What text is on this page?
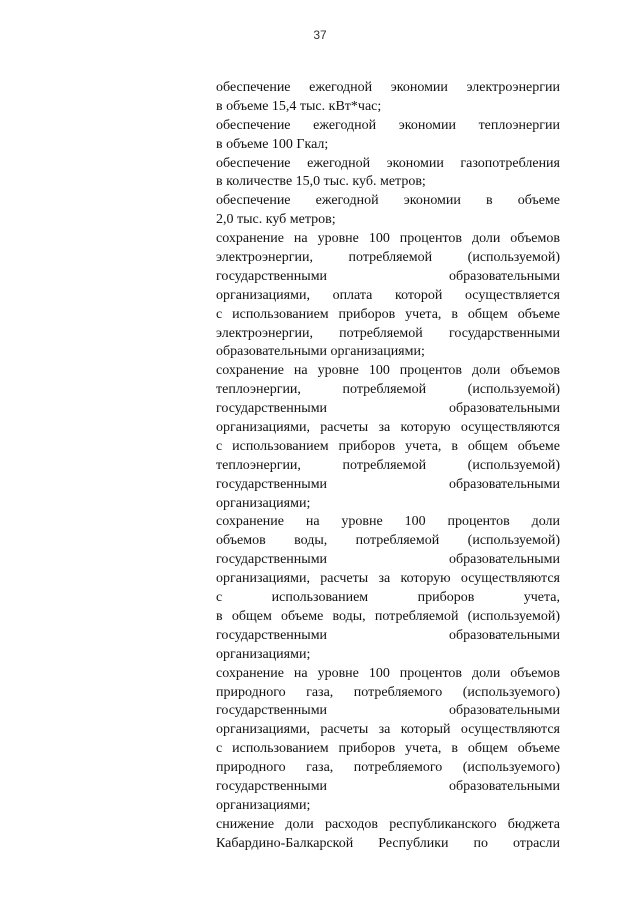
37
обеспечение ежегодной экономии электроэнергии
в объеме 15,4 тыс. кВт*час;
обеспечение ежегодной экономии теплоэнергии
в объеме 100 Гкал;
обеспечение ежегодной экономии газопотребления
в количестве 15,0 тыс. куб. метров;
обеспечение ежегодной экономии в объеме
2,0 тыс. куб метров;
сохранение на уровне 100 процентов доли объемов
электроэнергии, потребляемой (используемой)
государственными образовательными
организациями, оплата которой осуществляется
с использованием приборов учета, в общем объеме
электроэнергии, потребляемой государственными
образовательными организациями;
сохранение на уровне 100 процентов доли объемов
теплоэнергии, потребляемой (используемой)
государственными образовательными
организациями, расчеты за которую осуществляются
с использованием приборов учета, в общем объеме
теплоэнергии, потребляемой (используемой)
государственными образовательными
организациями;
сохранение на уровне 100 процентов доли
объемов воды, потребляемой (используемой)
государственными образовательными
организациями, расчеты за которую осуществляются
с использованием приборов учета,
в общем объеме воды, потребляемой (используемой)
государственными образовательными
организациями;
сохранение на уровне 100 процентов доли объемов
природного газа, потребляемого (используемого)
государственными образовательными
организациями, расчеты за который осуществляются
с использованием приборов учета, в общем объеме
природного газа, потребляемого (используемого)
государственными образовательными
организациями;
снижение доли расходов республиканского бюджета
Кабардино-Балкарской Республики по отрасли
